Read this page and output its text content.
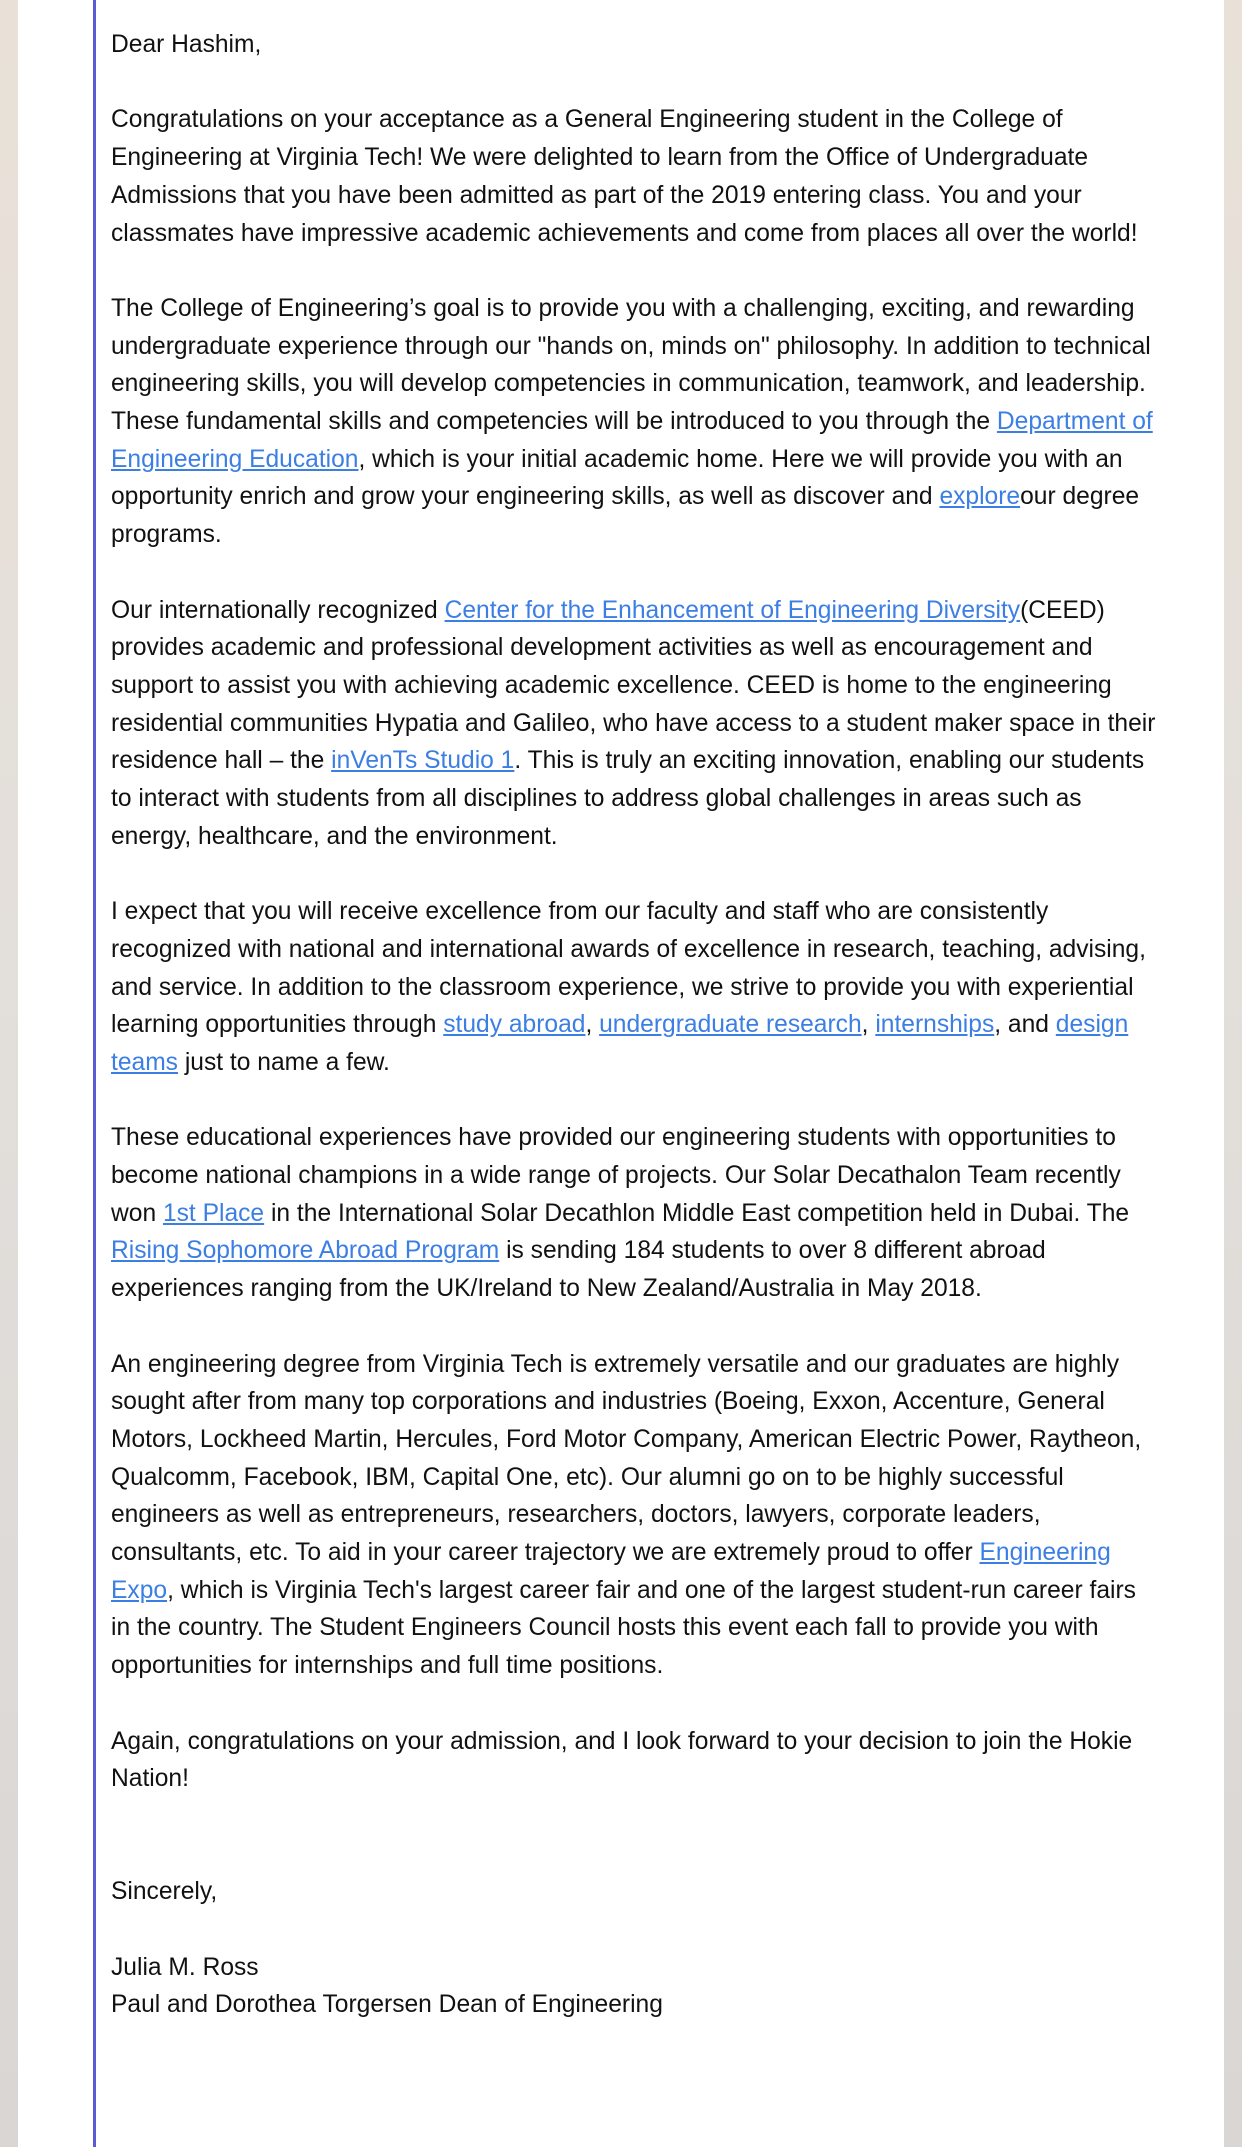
Dear Hashim,

Congratulations on your acceptance as a General Engineering student in the College of Engineering at Virginia Tech! We were delighted to learn from the Office of Undergraduate Admissions that you have been admitted as part of the 2019 entering class. You and your classmates have impressive academic achievements and come from places all over the world!

The College of Engineering’s goal is to provide you with a challenging, exciting, and rewarding undergraduate experience through our "hands on, minds on" philosophy. In addition to technical engineering skills, you will develop competencies in communication, teamwork, and leadership. These fundamental skills and competencies will be introduced to you through the Department of Engineering Education, which is your initial academic home. Here we will provide you with an opportunity enrich and grow your engineering skills, as well as discover and exploreour degree programs.

Our internationally recognized Center for the Enhancement of Engineering Diversity(CEED) provides academic and professional development activities as well as encouragement and support to assist you with achieving academic excellence. CEED is home to the engineering residential communities Hypatia and Galileo, who have access to a student maker space in their residence hall – the inVenTs Studio 1. This is truly an exciting innovation, enabling our students to interact with students from all disciplines to address global challenges in areas such as energy, healthcare, and the environment.

I expect that you will receive excellence from our faculty and staff who are consistently recognized with national and international awards of excellence in research, teaching, advising, and service. In addition to the classroom experience, we strive to provide you with experiential learning opportunities through study abroad, undergraduate research, internships, and design teams just to name a few.

These educational experiences have provided our engineering students with opportunities to become national champions in a wide range of projects. Our Solar Decathalon Team recently won 1st Place in the International Solar Decathlon Middle East competition held in Dubai. The Rising Sophomore Abroad Program is sending 184 students to over 8 different abroad experiences ranging from the UK/Ireland to New Zealand/Australia in May 2018.

An engineering degree from Virginia Tech is extremely versatile and our graduates are highly sought after from many top corporations and industries (Boeing, Exxon, Accenture, General Motors, Lockheed Martin, Hercules, Ford Motor Company, American Electric Power, Raytheon, Qualcomm, Facebook, IBM, Capital One, etc). Our alumni go on to be highly successful engineers as well as entrepreneurs, researchers, doctors, lawyers, corporate leaders, consultants, etc. To aid in your career trajectory we are extremely proud to offer Engineering Expo, which is Virginia Tech's largest career fair and one of the largest student-run career fairs in the country. The Student Engineers Council hosts this event each fall to provide you with opportunities for internships and full time positions.

Again, congratulations on your admission, and I look forward to your decision to join the Hokie Nation!

Sincerely,

Julia M. Ross

Paul and Dorothea Torgersen Dean of Engineering
